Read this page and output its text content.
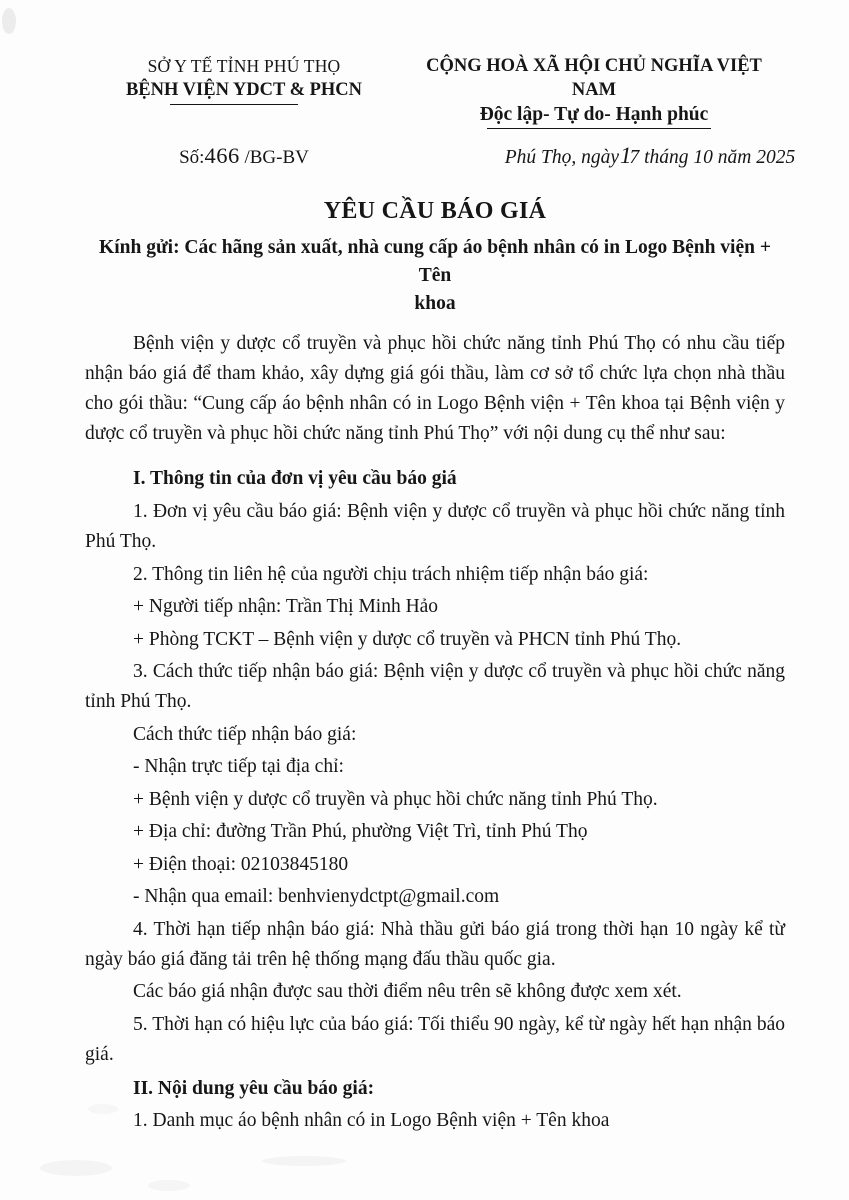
SỞ Y TẾ TỈNH PHÚ THỌ
BỆNH VIỆN YDCT & PHCN
CỘNG HOÀ XÃ HỘI CHỦ NGHĨA VIỆT NAM
Độc lập- Tự do- Hạnh phúc
Số:466 /BG-BV	Phú Thọ, ngày17 tháng 10 năm 2025
YÊU CẦU BÁO GIÁ
Kính gửi: Các hãng sản xuất, nhà cung cấp áo bệnh nhân có in Logo Bệnh viện + Tên
khoa

Bệnh viện y dược cổ truyền và phục hồi chức năng tỉnh Phú Thọ có nhu cầu tiếp nhận báo giá để tham khảo, xây dựng giá gói thầu, làm cơ sở tổ chức lựa chọn nhà thầu cho gói thầu: “Cung cấp áo bệnh nhân có in Logo Bệnh viện + Tên khoa tại Bệnh viện y dược cổ truyền và phục hồi chức năng tỉnh Phú Thọ” với nội dung cụ thể như sau:

I. Thông tin của đơn vị yêu cầu báo giá

1. Đơn vị yêu cầu báo giá: Bệnh viện y dược cổ truyền và phục hồi chức năng tỉnh Phú Thọ.

2. Thông tin liên hệ của người chịu trách nhiệm tiếp nhận báo giá:

+ Người tiếp nhận: Trần Thị Minh Hảo

+ Phòng TCKT – Bệnh viện y dược cổ truyền và PHCN tỉnh Phú Thọ.

3. Cách thức tiếp nhận báo giá: Bệnh viện y dược cổ truyền và phục hồi chức năng tỉnh Phú Thọ.

Cách thức tiếp nhận báo giá:

- Nhận trực tiếp tại địa chỉ:

+ Bệnh viện y dược cổ truyền và phục hồi chức năng tỉnh Phú Thọ.

+ Địa chỉ: đường Trần Phú, phường Việt Trì, tỉnh Phú Thọ

+ Điện thoại: 02103845180

- Nhận qua email: benhvienydctpt@gmail.com

4. Thời hạn tiếp nhận báo giá: Nhà thầu gửi báo giá trong thời hạn 10 ngày kể từ ngày báo giá đăng tải trên hệ thống mạng đấu thầu quốc gia.

Các báo giá nhận được sau thời điểm nêu trên sẽ không được xem xét.

5. Thời hạn có hiệu lực của báo giá: Tối thiểu 90 ngày, kể từ ngày hết hạn nhận báo giá.

II. Nội dung yêu cầu báo giá:

1. Danh mục áo bệnh nhân có in Logo Bệnh viện + Tên khoa
